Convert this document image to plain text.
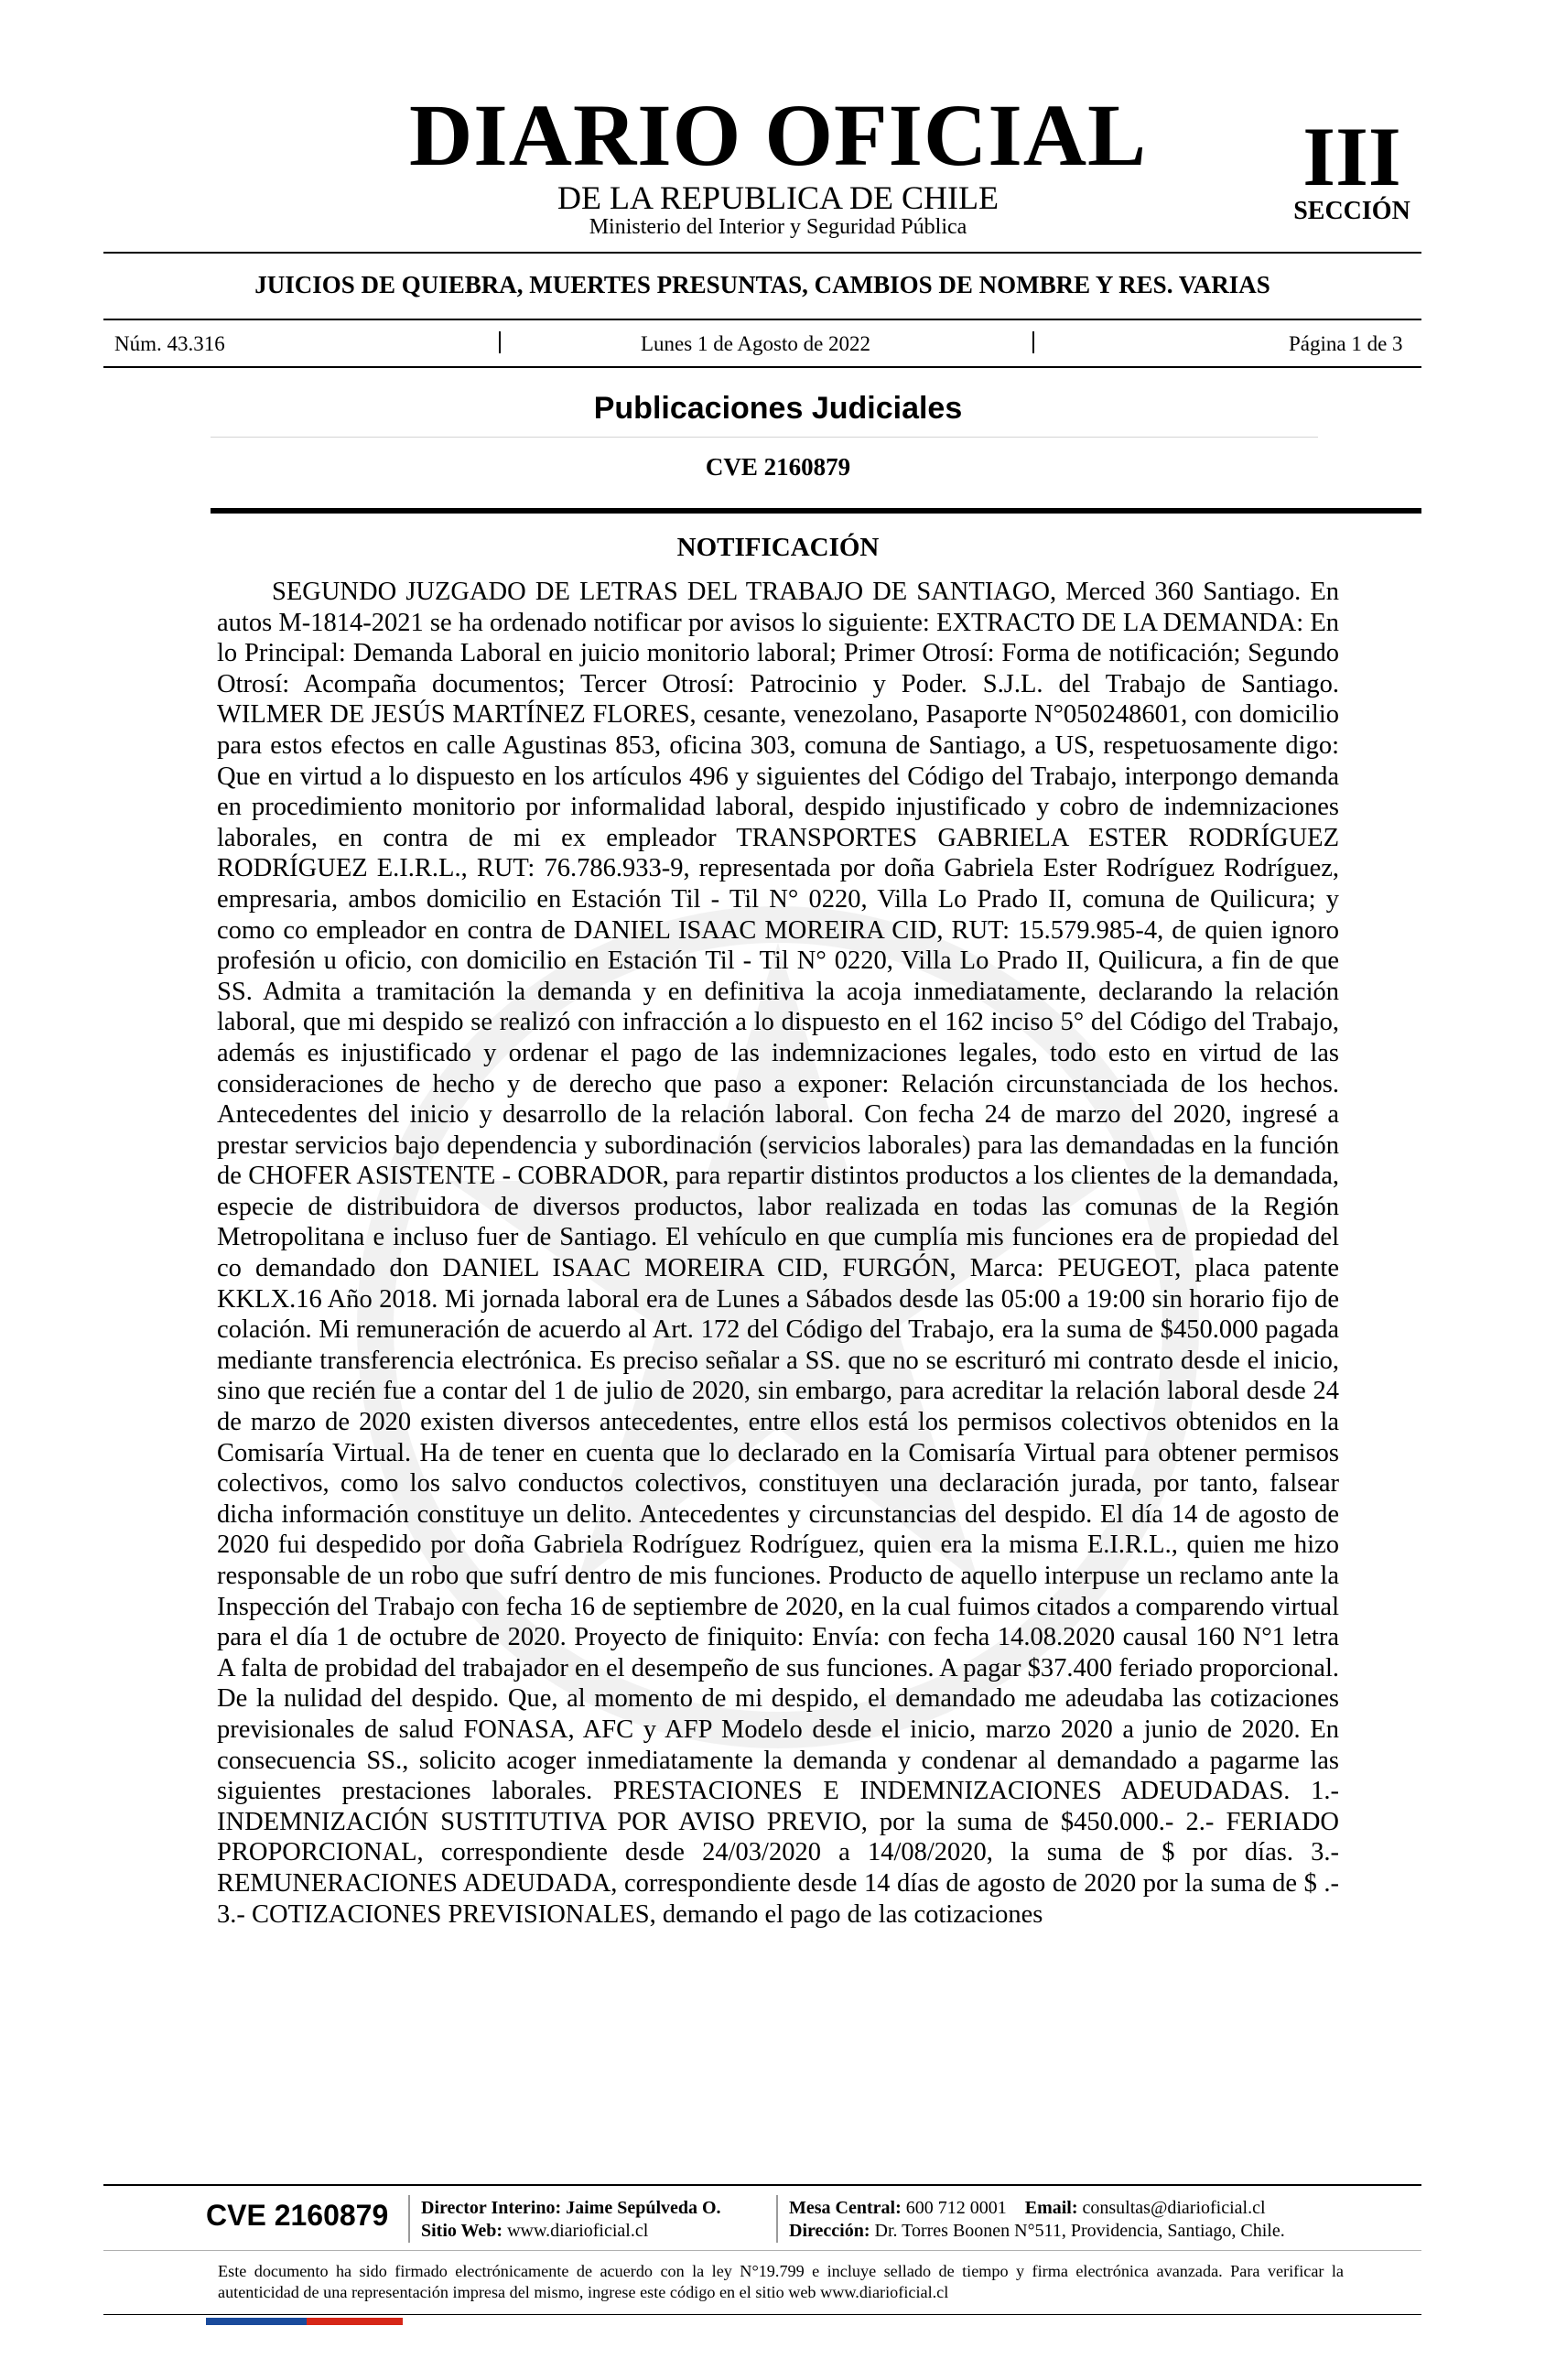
DIARIO OFICIAL
DE LA REPUBLICA DE CHILE
Ministerio del Interior y Seguridad Pública
III
SECCIÓN
JUICIOS DE QUIEBRA, MUERTES PRESUNTAS, CAMBIOS DE NOMBRE Y RES. VARIAS
Núm. 43.316	Lunes 1 de Agosto de 2022	Página 1 de 3
Publicaciones Judiciales
CVE 2160879
NOTIFICACIÓN
SEGUNDO JUZGADO DE LETRAS DEL TRABAJO DE SANTIAGO, Merced 360 Santiago. En autos M-1814-2021 se ha ordenado notificar por avisos lo siguiente: EXTRACTO DE LA DEMANDA: En lo Principal: Demanda Laboral en juicio monitorio laboral; Primer Otrosí: Forma de notificación; Segundo Otrosí: Acompaña documentos; Tercer Otrosí: Patrocinio y Poder. S.J.L. del Trabajo de Santiago. WILMER DE JESÚS MARTÍNEZ FLORES, cesante, venezolano, Pasaporte N°050248601, con domicilio para estos efectos en calle Agustinas 853, oficina 303, comuna de Santiago, a US, respetuosamente digo: Que en virtud a lo dispuesto en los artículos 496 y siguientes del Código del Trabajo, interpongo demanda en procedimiento monitorio por informalidad laboral, despido injustificado y cobro de indemnizaciones laborales, en contra de mi ex empleador TRANSPORTES GABRIELA ESTER RODRÍGUEZ RODRÍGUEZ E.I.R.L., RUT: 76.786.933-9, representada por doña Gabriela Ester Rodríguez Rodríguez, empresaria, ambos domicilio en Estación Til - Til N° 0220, Villa Lo Prado II, comuna de Quilicura; y como co empleador en contra de DANIEL ISAAC MOREIRA CID, RUT: 15.579.985-4, de quien ignoro profesión u oficio, con domicilio en Estación Til - Til N° 0220, Villa Lo Prado II, Quilicura, a fin de que SS. Admita a tramitación la demanda y en definitiva la acoja inmediatamente, declarando la relación laboral, que mi despido se realizó con infracción a lo dispuesto en el 162 inciso 5° del Código del Trabajo, además es injustificado y ordenar el pago de las indemnizaciones legales, todo esto en virtud de las consideraciones de hecho y de derecho que paso a exponer: Relación circunstanciada de los hechos. Antecedentes del inicio y desarrollo de la relación laboral. Con fecha 24 de marzo del 2020, ingresé a prestar servicios bajo dependencia y subordinación (servicios laborales) para las demandadas en la función de CHOFER ASISTENTE - COBRADOR, para repartir distintos productos a los clientes de la demandada, especie de distribuidora de diversos productos, labor realizada en todas las comunas de la Región Metropolitana e incluso fuer de Santiago. El vehículo en que cumplía mis funciones era de propiedad del co demandado don DANIEL ISAAC MOREIRA CID, FURGÓN, Marca: PEUGEOT, placa patente KKLX.16 Año 2018. Mi jornada laboral era de Lunes a Sábados desde las 05:00 a 19:00 sin horario fijo de colación. Mi remuneración de acuerdo al Art. 172 del Código del Trabajo, era la suma de $450.000 pagada mediante transferencia electrónica. Es preciso señalar a SS. que no se escrituró mi contrato desde el inicio, sino que recién fue a contar del 1 de julio de 2020, sin embargo, para acreditar la relación laboral desde 24 de marzo de 2020 existen diversos antecedentes, entre ellos está los permisos colectivos obtenidos en la Comisaría Virtual. Ha de tener en cuenta que lo declarado en la Comisaría Virtual para obtener permisos colectivos, como los salvo conductos colectivos, constituyen una declaración jurada, por tanto, falsear dicha información constituye un delito. Antecedentes y circunstancias del despido. El día 14 de agosto de 2020 fui despedido por doña Gabriela Rodríguez Rodríguez, quien era la misma E.I.R.L., quien me hizo responsable de un robo que sufrí dentro de mis funciones. Producto de aquello interpuse un reclamo ante la Inspección del Trabajo con fecha 16 de septiembre de 2020, en la cual fuimos citados a comparendo virtual para el día 1 de octubre de 2020. Proyecto de finiquito: Envía: con fecha 14.08.2020 causal 160 N°1 letra A falta de probidad del trabajador en el desempeño de sus funciones. A pagar $37.400 feriado proporcional. De la nulidad del despido. Que, al momento de mi despido, el demandado me adeudaba las cotizaciones previsionales de salud FONASA, AFC y AFP Modelo desde el inicio, marzo 2020 a junio de 2020. En consecuencia SS., solicito acoger inmediatamente la demanda y condenar al demandado a pagarme las siguientes prestaciones laborales. PRESTACIONES E INDEMNIZACIONES ADEUDADAS. 1.- INDEMNIZACIÓN SUSTITUTIVA POR AVISO PREVIO, por la suma de $450.000.- 2.- FERIADO PROPORCIONAL, correspondiente desde 24/03/2020 a 14/08/2020, la suma de $ por días. 3.- REMUNERACIONES ADEUDADA, correspondiente desde 14 días de agosto de 2020 por la suma de $ .- 3.- COTIZACIONES PREVISIONALES, demando el pago de las cotizaciones
CVE 2160879 Director Interino: Jaime Sepúlveda O.
Sitio Web: www.diarioficial.cl
Mesa Central: 600 712 0001 Email: consultas@diarioficial.cl
Dirección: Dr. Torres Boonen N°511, Providencia, Santiago, Chile.
Este documento ha sido firmado electrónicamente de acuerdo con la ley N°19.799 e incluye sellado de tiempo y firma electrónica avanzada. Para verificar la autenticidad de una representación impresa del mismo, ingrese este código en el sitio web www.diarioficial.cl
